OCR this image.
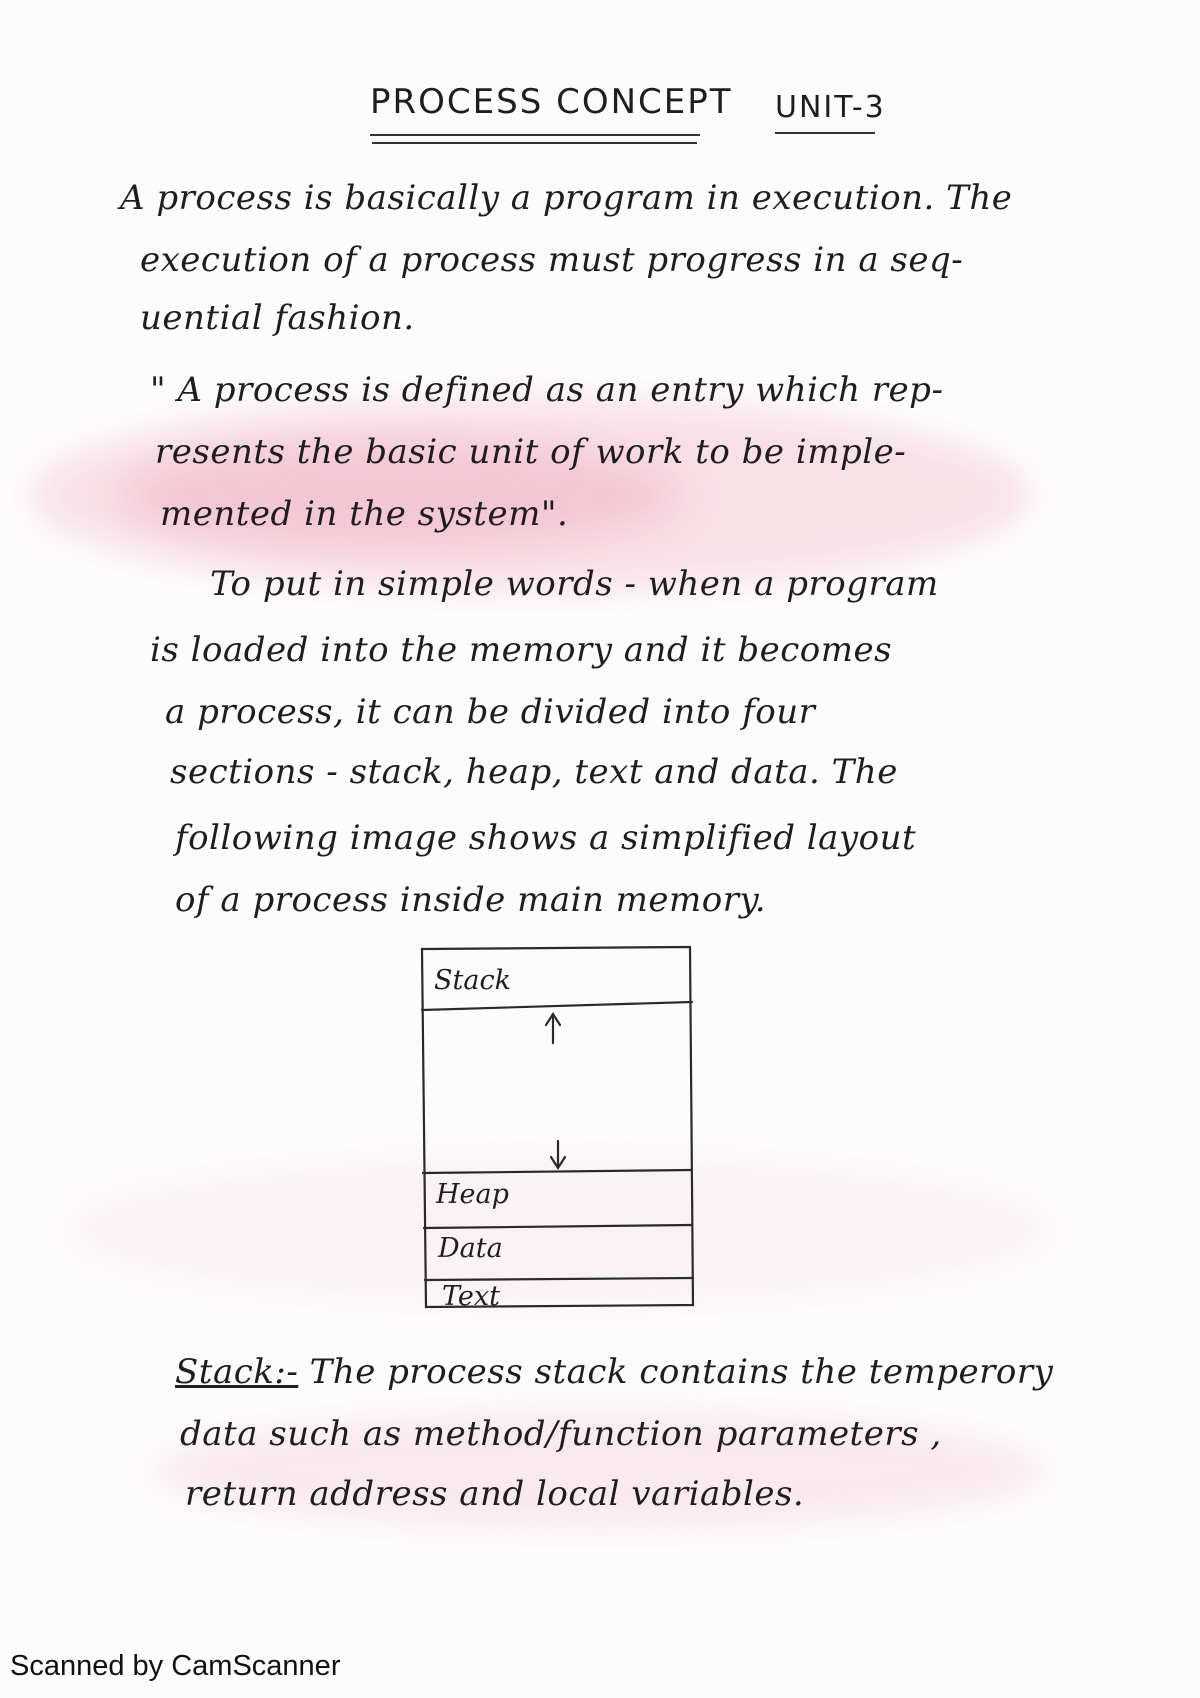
PROCESS CONCEPT UNIT-3
A process is basically a program in execution. The
execution of a process must progress in a seq-
uential fashion.
" A process is defined as an entry which rep-
resents the basic unit of work to be imple-
mented in the system".
To put in simple words - when a program
is loaded into the memory and it becomes
a process, it can be divided into four
sections - stack, heap, text and data. The
following image shows a simplified layout
of a process inside main memory.
Stack
Heap
Data
Text
Stack:- The process stack contains the temperory
data such as method/function parameters ,
return address and local variables.
Scanned by CamScanner
